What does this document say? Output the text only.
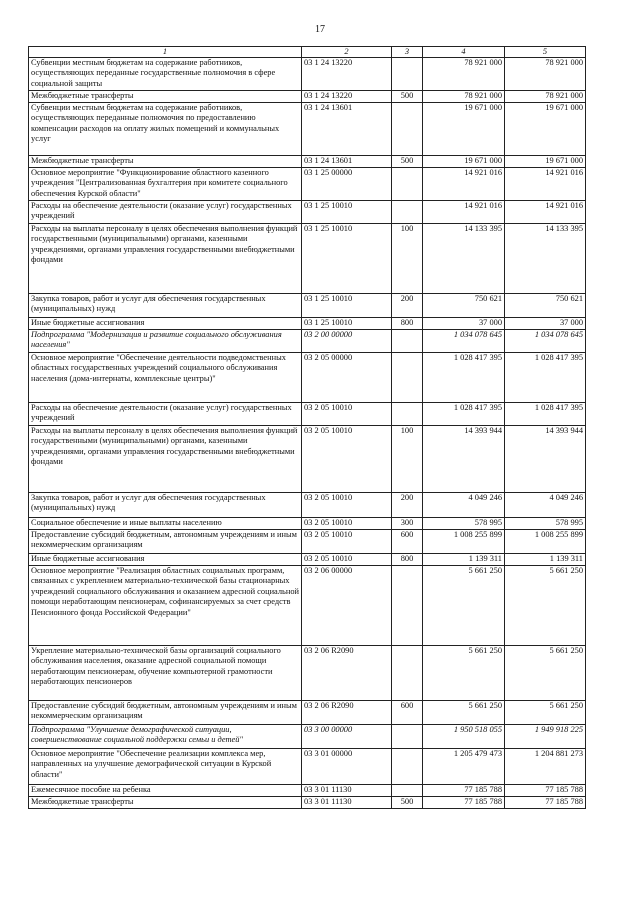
17
1	2	3	4	5
Субвенции местным бюджетам на содержание работников, осуществляющих переданные государственные полномочия в сфере социальной защиты	03 1 24 13220		78 921 000	78 921 000
Межбюджетные трансферты	03 1 24 13220	500	78 921 000	78 921 000
Субвенции местным бюджетам на содержание работников, осуществляющих переданные полномочия по предоставлению компенсации расходов на оплату жилых помещений и коммунальных услуг	03 1 24 13601		19 671 000	19 671 000
Межбюджетные трансферты	03 1 24 13601	500	19 671 000	19 671 000
Основное мероприятие "Функционирование областного казенного учреждения "Централизованная бухгалтерия при комитете социального обеспечения Курской области"	03 1 25 00000		14 921 016	14 921 016
Расходы на обеспечение деятельности (оказание услуг) государственных учреждений	03 1 25 10010		14 921 016	14 921 016
Расходы на выплаты персоналу в целях обеспечения выполнения функций государственными (муниципальными) органами, казенными учреждениями, органами управления государственными внебюджетными фондами	03 1 25 10010	100	14 133 395	14 133 395
Закупка товаров, работ и услуг для обеспечения государственных (муниципальных) нужд	03 1 25 10010	200	750 621	750 621
Иные бюджетные ассигнования	03 1 25 10010	800	37 000	37 000
Подпрограмма "Модернизация и развитие социального обслуживания населения"	03 2 00 00000		1 034 078 645	1 034 078 645
Основное мероприятие "Обеспечение деятельности подведомственных областных государственных учреждений социального обслуживания населения (дома-интернаты, комплексные центры)"	03 2 05 00000		1 028 417 395	1 028 417 395
Расходы на обеспечение деятельности (оказание услуг) государственных учреждений	03 2 05 10010		1 028 417 395	1 028 417 395
Расходы на выплаты персоналу в целях обеспечения выполнения функций государственными (муниципальными) органами, казенными учреждениями, органами управления государственными внебюджетными фондами	03 2 05 10010	100	14 393 944	14 393 944
Закупка товаров, работ и услуг для обеспечения государственных (муниципальных) нужд	03 2 05 10010	200	4 049 246	4 049 246
Социальное обеспечение и иные выплаты населению	03 2 05 10010	300	578 995	578 995
Предоставление субсидий бюджетным, автономным учреждениям и иным некоммерческим организациям	03 2 05 10010	600	1 008 255 899	1 008 255 899
Иные бюджетные ассигнования	03 2 05 10010	800	1 139 311	1 139 311
Основное мероприятие "Реализация областных социальных программ, связанных с укреплением материально-технической базы стационарных учреждений социального обслуживания и оказанием адресной социальной помощи неработающим пенсионерам, софинансируемых за счет средств Пенсионного фонда Российской Федерации"	03 2 06 00000		5 661 250	5 661 250
Укрепление материально-технической базы организаций социального обслуживания населения, оказание адресной социальной помощи неработающим пенсионерам, обучение компьютерной грамотности неработающих пенсионеров	03 2 06 R2090		5 661 250	5 661 250
Предоставление субсидий бюджетным, автономным учреждениям и иным некоммерческим организациям	03 2 06 R2090	600	5 661 250	5 661 250
Подпрограмма "Улучшение демографической ситуации, совершенствование социальной поддержки семьи и детей"	03 3 00 00000		1 950 518 055	1 949 918 225
Основное мероприятие "Обеспечение реализации комплекса мер, направленных на улучшение демографической ситуации в Курской области"	03 3 01 00000		1 205 479 473	1 204 881 273
Ежемесячное пособие на ребенка	03 3 01 11130		77 185 788	77 185 788
Межбюджетные трансферты	03 3 01 11130	500	77 185 788	77 185 788
